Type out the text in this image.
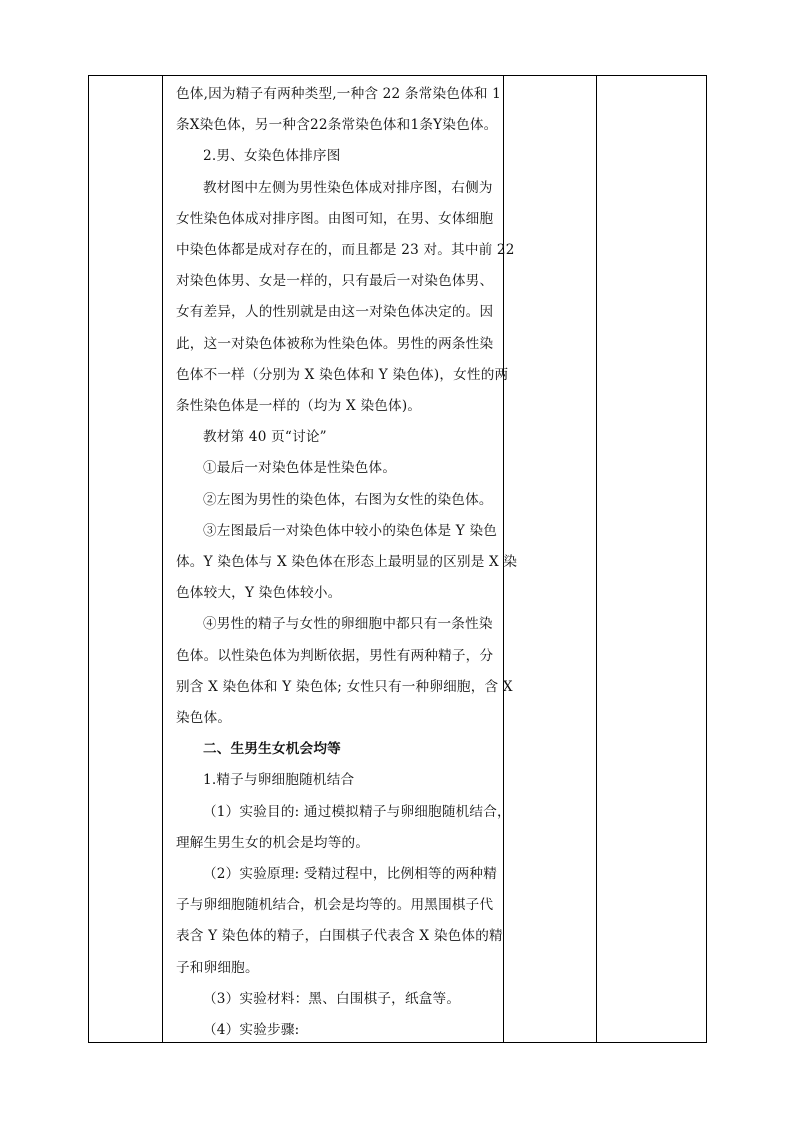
色体,因为精子有两种类型,一种含 22 条常染色体和 1
条X染色体，另一种含22条常染色体和1条Y染色体。
2.男、女染色体排序图
教材图中左侧为男性染色体成对排序图，右侧为
女性染色体成对排序图。由图可知，在男、女体细胞
中染色体都是成对存在的，而且都是 23 对。其中前 22
对染色体男、女是一样的，只有最后一对染色体男、
女有差异，人的性别就是由这一对染色体决定的。因
此，这一对染色体被称为性染色体。男性的两条性染
色体不一样（分别为 X 染色体和 Y 染色体)，女性的两
条性染色体是一样的（均为 X 染色体)。
教材第 40 页“讨论”
①最后一对染色体是性染色体。
②左图为男性的染色体，右图为女性的染色体。
③左图最后一对染色体中较小的染色体是 Y 染色
体。Y 染色体与 X 染色体在形态上最明显的区别是 X 染
色体较大，Y 染色体较小。
④男性的精子与女性的卵细胞中都只有一条性染
色体。以性染色体为判断依据，男性有两种精子，分
别含 X 染色体和 Y 染色体; 女性只有一种卵细胞，含 X
染色体。
二、生男生女机会均等
1.精子与卵细胞随机结合
（1）实验目的: 通过模拟精子与卵细胞随机结合，
理解生男生女的机会是均等的。
（2）实验原理: 受精过程中，比例相等的两种精
子与卵细胞随机结合，机会是均等的。用黑围棋子代
表含 Y 染色体的精子，白围棋子代表含 X 染色体的精
子和卵细胞。
（3）实验材料：黑、白围棋子，纸盒等。
（4）实验步骤:
